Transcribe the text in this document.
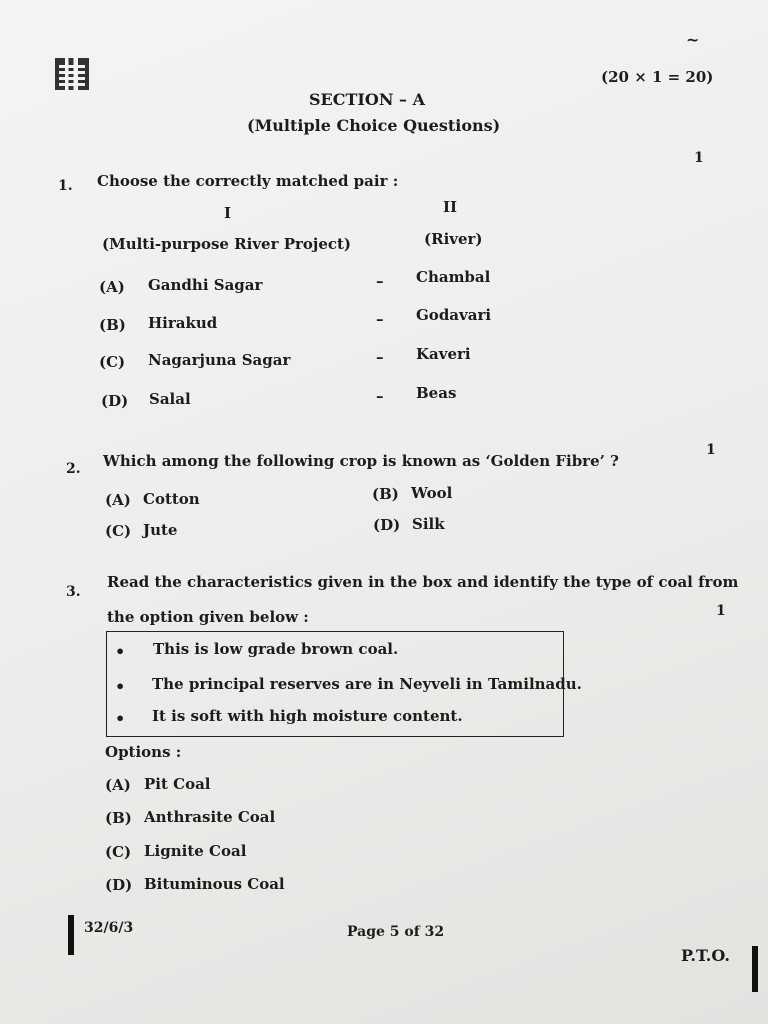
~
(20 × 1 = 20)
SECTION – A
(Multiple Choice Questions)
1
1. Choose the correctly matched pair :
I	II
(Multi-purpose River Project)	(River)
(A) Gandhi Sagar	– Chambal
(B) Hirakud	– Godavari
(C) Nagarjuna Sagar	– Kaveri
(D) Salal	– Beas
1
2. Which among the following crop is known as ‘Golden Fibre’ ?
(A) Cotton	(B) Wool
(C) Jute	(D) Silk
3.
Read the characteristics given in the box and identify the type of coal from
the option given below :	1
• This is low grade brown coal.
• The principal reserves are in Neyveli in Tamilnadu.
• It is soft with high moisture content.
Options :
(A) Pit Coal
(B) Anthrasite Coal
(C) Lignite Coal
(D) Bituminous Coal
32/6/3	Page 5 of 32
P.T.O.
